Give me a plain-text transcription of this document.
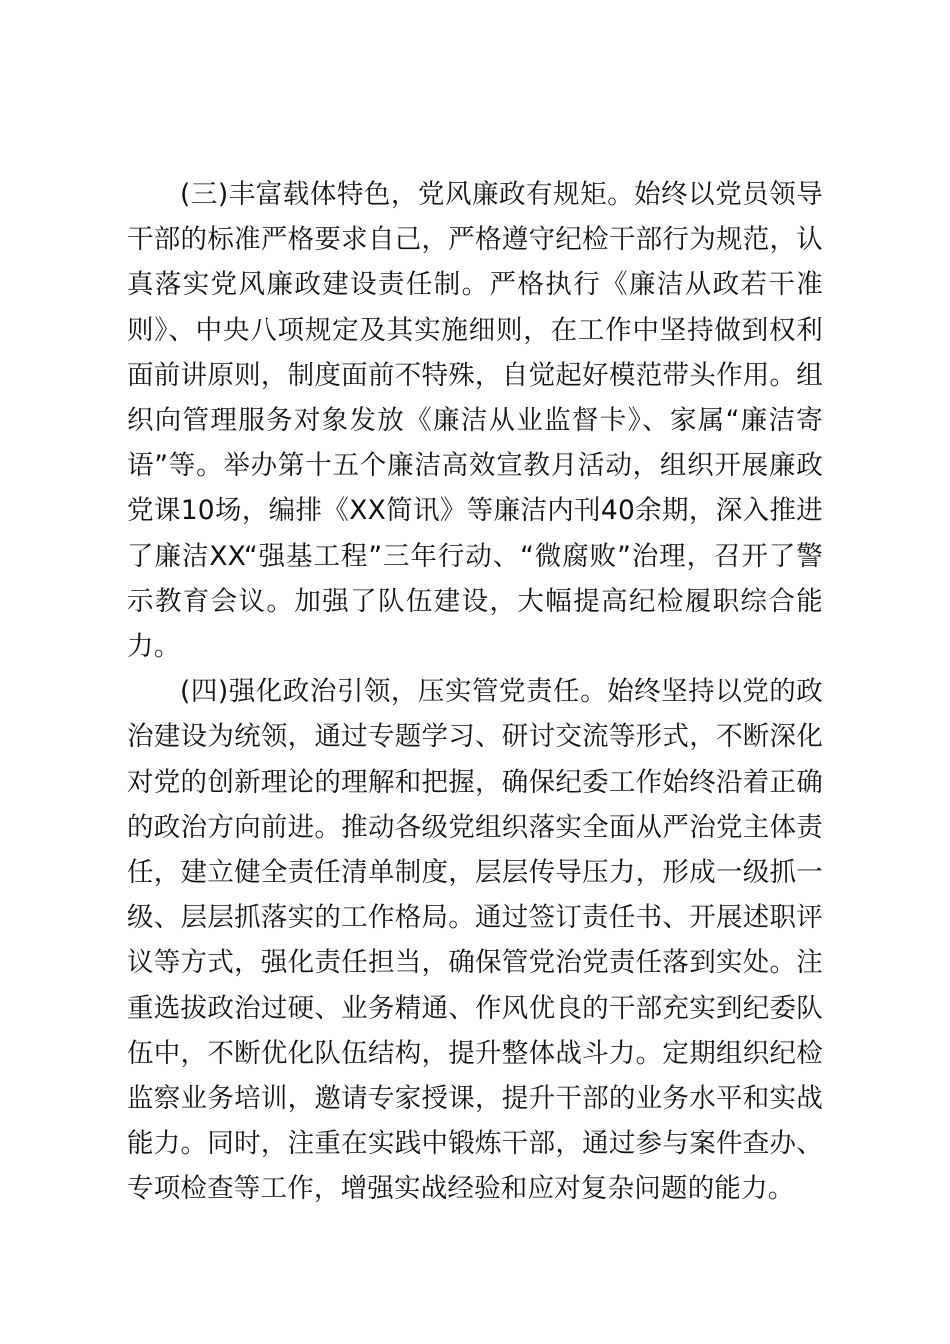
(三)丰富载体特色，党风廉政有规矩。始终以党员领导干部的标准严格要求自己，严格遵守纪检干部行为规范，认真落实党风廉政建设责任制。严格执行《廉洁从政若干准则》、中央八项规定及其实施细则，在工作中坚持做到权利面前讲原则，制度面前不特殊，自觉起好模范带头作用。组织向管理服务对象发放《廉洁从业监督卡》、家属“廉洁寄语”等。举办第十五个廉洁高效宣教月活动，组织开展廉政党课10场，编排《XX简讯》等廉洁内刊40余期，深入推进了廉洁XX“强基工程”三年行动、“微腐败”治理，召开了警示教育会议。加强了队伍建设，大幅提高纪检履职综合能力。

(四)强化政治引领，压实管党责任。始终坚持以党的政治建设为统领，通过专题学习、研讨交流等形式，不断深化对党的创新理论的理解和把握，确保纪委工作始终沿着正确的政治方向前进。推动各级党组织落实全面从严治党主体责任，建立健全责任清单制度，层层传导压力，形成一级抓一级、层层抓落实的工作格局。通过签订责任书、开展述职评议等方式，强化责任担当，确保管党治党责任落到实处。注重选拔政治过硬、业务精通、作风优良的干部充实到纪委队伍中，不断优化队伍结构，提升整体战斗力。定期组织纪检监察业务培训，邀请专家授课，提升干部的业务水平和实战能力。同时，注重在实践中锻炼干部，通过参与案件查办、专项检查等工作，增强实战经验和应对复杂问题的能力。
